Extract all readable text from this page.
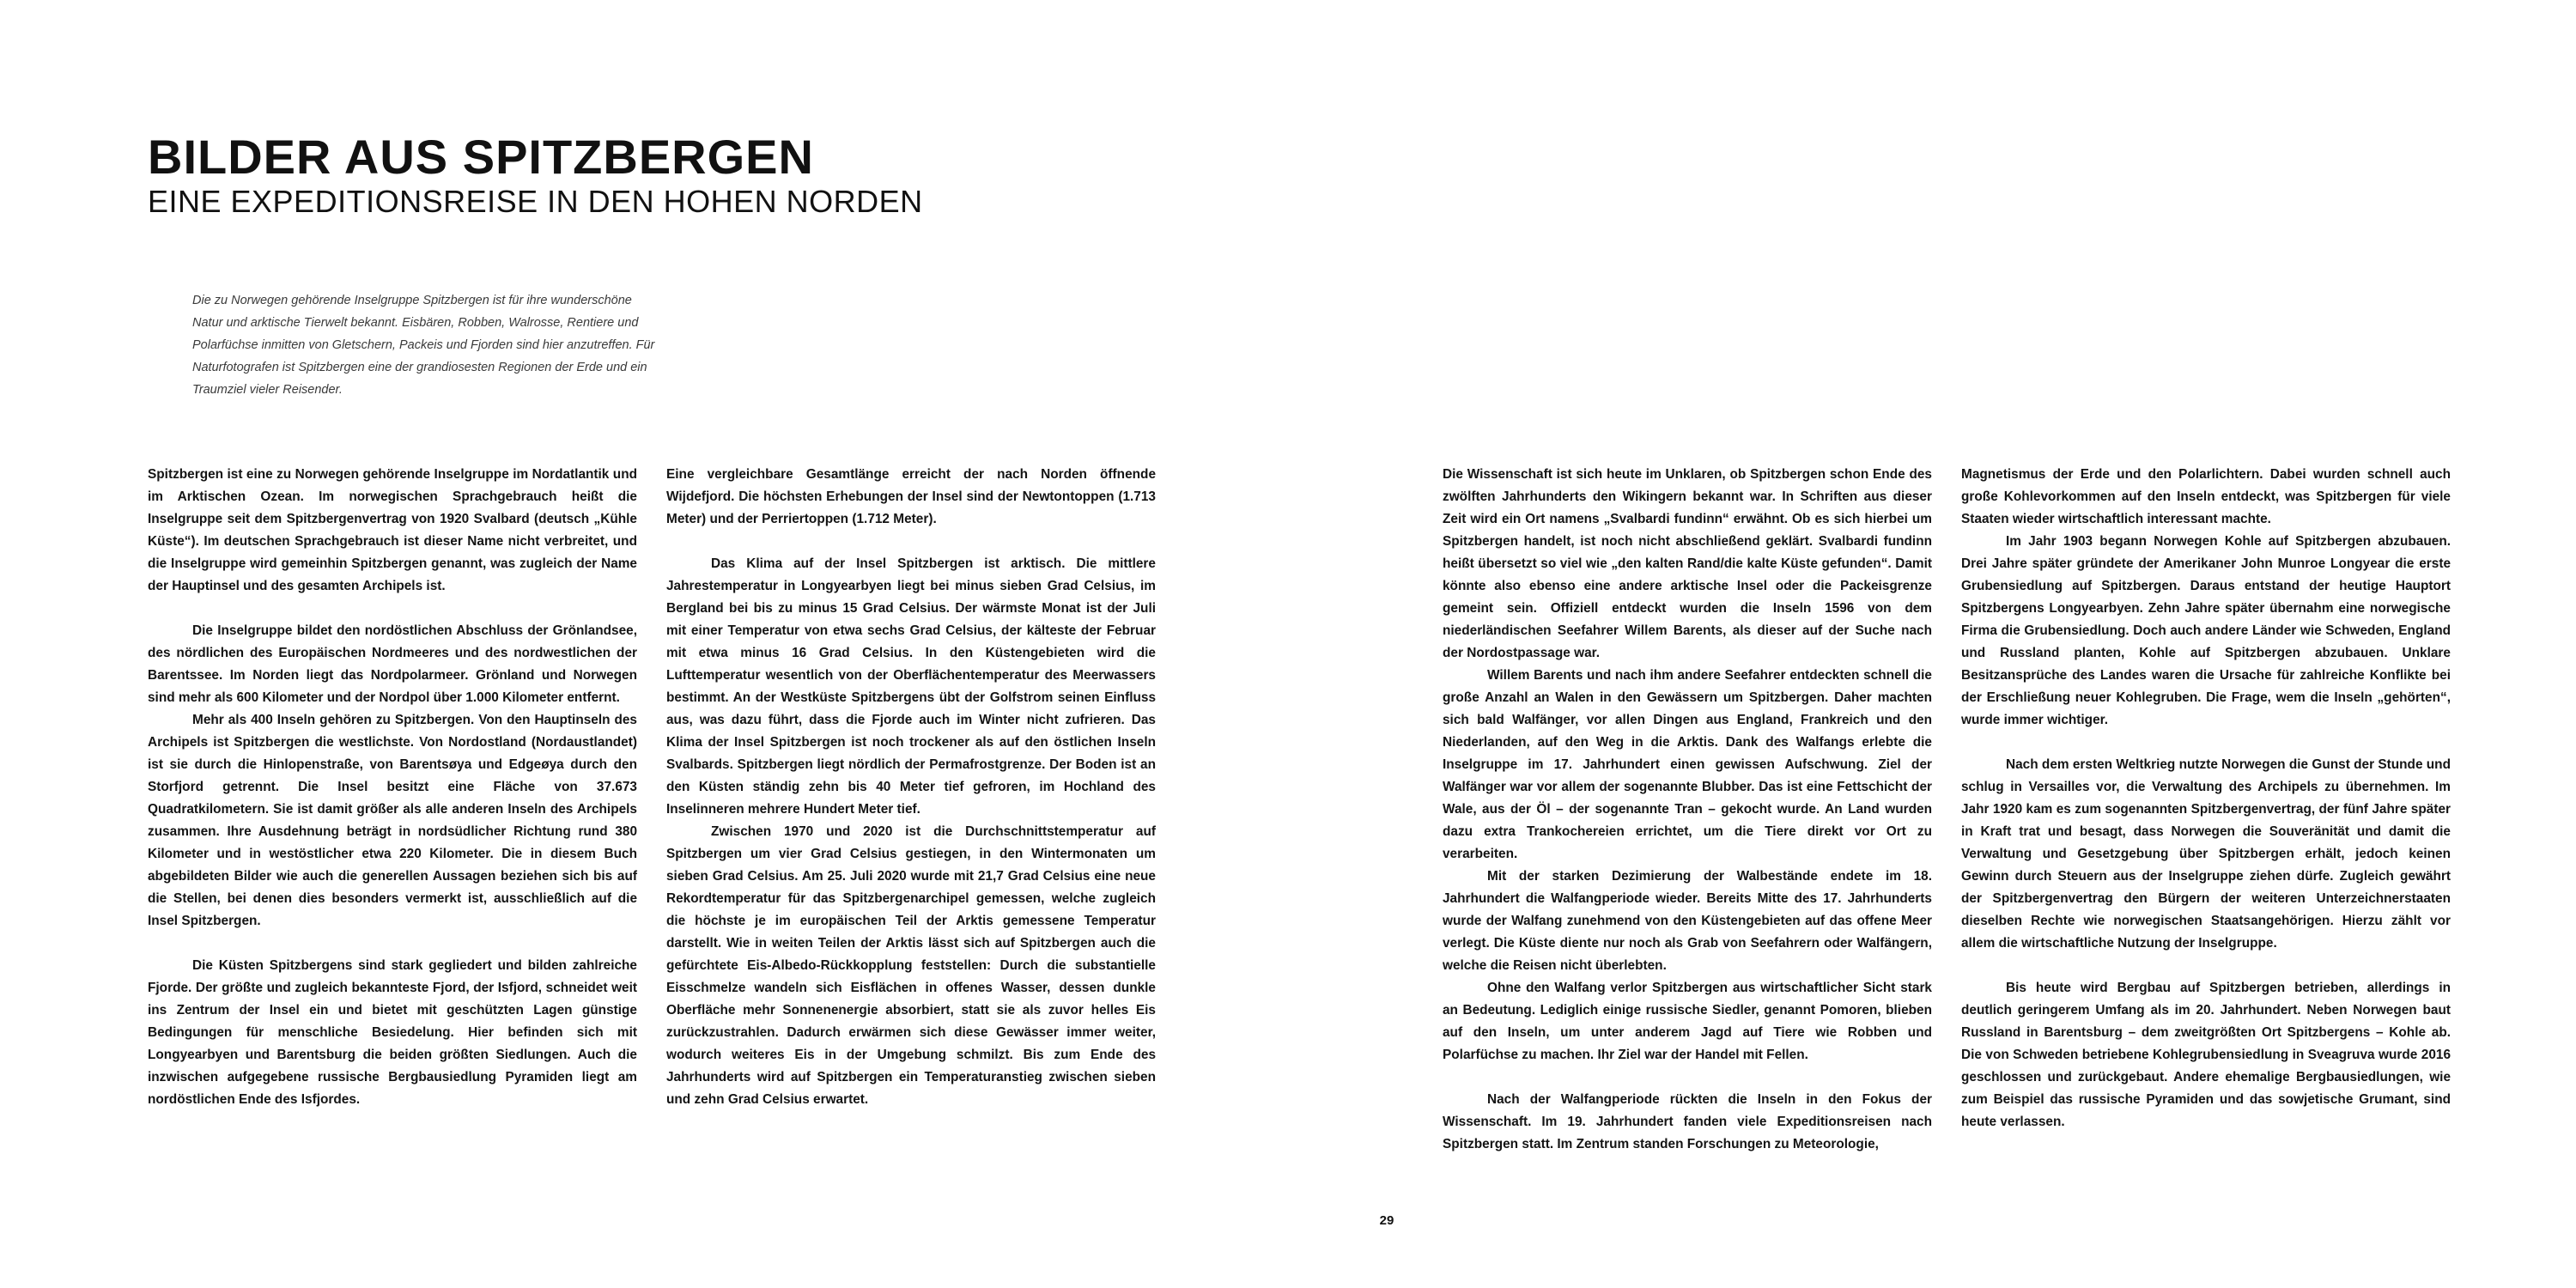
BILDER AUS SPITZBERGEN
EINE EXPEDITIONSREISE IN DEN HOHEN NORDEN
Die zu Norwegen gehörende Inselgruppe Spitzbergen ist für ihre wunderschöne Natur und arktische Tierwelt bekannt. Eisbären, Robben, Walrosse, Rentiere und Polarfüchse inmitten von Gletschern, Packeis und Fjorden sind hier anzutreffen. Für Naturfotografen ist Spitzbergen eine der grandiosesten Regionen der Erde und ein Traumziel vieler Reisender.

Spitzbergen ist eine zu Norwegen gehörende Inselgruppe im Nordatlantik und im Arktischen Ozean. Im norwegischen Sprachgebrauch heißt die Inselgruppe seit dem Spitzbergenvertrag von 1920 Svalbard (deutsch „Kühle Küste“). Im deutschen Sprachgebrauch ist dieser Name nicht verbreitet, und die Inselgruppe wird gemeinhin Spitzbergen genannt, was zugleich der Name der Hauptinsel und des gesamten Archipels ist.

Die Inselgruppe bildet den nordöstlichen Abschluss der Grönlandsee, des nördlichen des Europäischen Nordmeeres und des nordwestlichen der Barentssee. Im Norden liegt das Nordpolarmeer. Grönland und Norwegen sind mehr als 600 Kilometer und der Nordpol über 1.000 Kilometer entfernt.

Mehr als 400 Inseln gehören zu Spitzbergen. Von den Hauptinseln des Archipels ist Spitzbergen die westlichste. Von Nordostland (Nordaustlandet) ist sie durch die Hinlopenstraße, von Barentsøya und Edgeøya durch den Storfjord getrennt. Die Insel besitzt eine Fläche von 37.673 Quadratkilometern. Sie ist damit größer als alle anderen Inseln des Archipels zusammen. Ihre Ausdehnung beträgt in nordsüdlicher Richtung rund 380 Kilometer und in westöstlicher etwa 220 Kilometer. Die in diesem Buch abgebildeten Bilder wie auch die generellen Aussagen beziehen sich bis auf die Stellen, bei denen dies besonders vermerkt ist, ausschließlich auf die Insel Spitzbergen.

Die Küsten Spitzbergens sind stark gegliedert und bilden zahlreiche Fjorde. Der größte und zugleich bekannteste Fjord, der Isfjord, schneidet weit ins Zentrum der Insel ein und bietet mit geschützten Lagen günstige Bedingungen für menschliche Besiedelung. Hier befinden sich mit Longyearbyen und Barentsburg die beiden größten Siedlungen. Auch die inzwischen aufgegebene russische Bergbausiedlung Pyramiden liegt am nordöstlichen Ende des Isfjordes.

Eine vergleichbare Gesamtlänge erreicht der nach Norden öffnende Wijdefjord. Die höchsten Erhebungen der Insel sind der Newtontoppen (1.713 Meter) und der Perriertoppen (1.712 Meter).

Das Klima auf der Insel Spitzbergen ist arktisch. Die mittlere Jahrestemperatur in Longyearbyen liegt bei minus sieben Grad Celsius, im Bergland bei bis zu minus 15 Grad Celsius. Der wärmste Monat ist der Juli mit einer Temperatur von etwa sechs Grad Celsius, der kälteste der Februar mit etwa minus 16 Grad Celsius. In den Küstengebieten wird die Lufttemperatur wesentlich von der Oberflächentemperatur des Meerwassers bestimmt. An der Westküste Spitzbergens übt der Golfstrom seinen Einfluss aus, was dazu führt, dass die Fjorde auch im Winter nicht zufrieren. Das Klima der Insel Spitzbergen ist noch trockener als auf den östlichen Inseln Svalbards. Spitzbergen liegt nördlich der Permafrostgrenze. Der Boden ist an den Küsten ständig zehn bis 40 Meter tief gefroren, im Hochland des Inselinneren mehrere Hundert Meter tief.

Zwischen 1970 und 2020 ist die Durchschnittstemperatur auf Spitzbergen um vier Grad Celsius gestiegen, in den Wintermonaten um sieben Grad Celsius. Am 25. Juli 2020 wurde mit 21,7 Grad Celsius eine neue Rekordtemperatur für das Spitzbergenarchipel gemessen, welche zugleich die höchste je im europäischen Teil der Arktis gemessene Temperatur darstellt. Wie in weiten Teilen der Arktis lässt sich auf Spitzbergen auch die gefürchtete Eis-Albedo-Rückkopplung feststellen: Durch die substantielle Eisschmelze wandeln sich Eisflächen in offenes Wasser, dessen dunkle Oberfläche mehr Sonnenenergie absorbiert, statt sie als zuvor helles Eis zurückzustrahlen. Dadurch erwärmen sich diese Gewässer immer weiter, wodurch weiteres Eis in der Umgebung schmilzt. Bis zum Ende des Jahrhunderts wird auf Spitzbergen ein Temperaturanstieg zwischen sieben und zehn Grad Celsius erwartet.

Die Wissenschaft ist sich heute im Unklaren, ob Spitzbergen schon Ende des zwölften Jahrhunderts den Wikingern bekannt war. In Schriften aus dieser Zeit wird ein Ort namens „Svalbardi fundinn“ erwähnt. Ob es sich hierbei um Spitzbergen handelt, ist noch nicht abschließend geklärt. Svalbardi fundinn heißt übersetzt so viel wie „den kalten Rand/die kalte Küste gefunden“. Damit könnte also ebenso eine andere arktische Insel oder die Packeisgrenze gemeint sein. Offiziell entdeckt wurden die Inseln 1596 von dem niederländischen Seefahrer Willem Barents, als dieser auf der Suche nach der Nordostpassage war.

Willem Barents und nach ihm andere Seefahrer entdeckten schnell die große Anzahl an Walen in den Gewässern um Spitzbergen. Daher machten sich bald Walfänger, vor allen Dingen aus England, Frankreich und den Niederlanden, auf den Weg in die Arktis. Dank des Walfangs erlebte die Inselgruppe im 17. Jahrhundert einen gewissen Aufschwung. Ziel der Walfänger war vor allem der sogenannte Blubber. Das ist eine Fettschicht der Wale, aus der Öl – der sogenannte Tran – gekocht wurde. An Land wurden dazu extra Trankochereien errichtet, um die Tiere direkt vor Ort zu verarbeiten.

Mit der starken Dezimierung der Walbestände endete im 18. Jahrhundert die Walfangperiode wieder. Bereits Mitte des 17. Jahrhunderts wurde der Walfang zunehmend von den Küstengebieten auf das offene Meer verlegt. Die Küste diente nur noch als Grab von Seefahrern oder Walfängern, welche die Reisen nicht überlebten.

Ohne den Walfang verlor Spitzbergen aus wirtschaftlicher Sicht stark an Bedeutung. Lediglich einige russische Siedler, genannt Pomoren, blieben auf den Inseln, um unter anderem Jagd auf Tiere wie Robben und Polarfüchse zu machen. Ihr Ziel war der Handel mit Fellen.

Nach der Walfangperiode rückten die Inseln in den Fokus der Wissenschaft. Im 19. Jahrhundert fanden viele Expeditionsreisen nach Spitzbergen statt. Im Zentrum standen Forschungen zu Meteorologie,

Magnetismus der Erde und den Polarlichtern. Dabei wurden schnell auch große Kohlevorkommen auf den Inseln entdeckt, was Spitzbergen für viele Staaten wieder wirtschaftlich interessant machte.

Im Jahr 1903 begann Norwegen Kohle auf Spitzbergen abzubauen. Drei Jahre später gründete der Amerikaner John Munroe Longyear die erste Grubensiedlung auf Spitzbergen. Daraus entstand der heutige Hauptort Spitzbergens Longyearbyen. Zehn Jahre später übernahm eine norwegische Firma die Grubensiedlung. Doch auch andere Länder wie Schweden, England und Russland planten, Kohle auf Spitzbergen abzubauen. Unklare Besitzansprüche des Landes waren die Ursache für zahlreiche Konflikte bei der Erschließung neuer Kohlegruben. Die Frage, wem die Inseln „gehörten“, wurde immer wichtiger.

Nach dem ersten Weltkrieg nutzte Norwegen die Gunst der Stunde und schlug in Versailles vor, die Verwaltung des Archipels zu übernehmen. Im Jahr 1920 kam es zum sogenannten Spitzbergenvertrag, der fünf Jahre später in Kraft trat und besagt, dass Norwegen die Souveränität und damit die Verwaltung und Gesetzgebung über Spitzbergen erhält, jedoch keinen Gewinn durch Steuern aus der Inselgruppe ziehen dürfe. Zugleich gewährt der Spitzbergenvertrag den Bürgern der weiteren Unterzeichnerstaaten dieselben Rechte wie norwegischen Staatsangehörigen. Hierzu zählt vor allem die wirtschaftliche Nutzung der Inselgruppe.

Bis heute wird Bergbau auf Spitzbergen betrieben, allerdings in deutlich geringerem Umfang als im 20. Jahrhundert. Neben Norwegen baut Russland in Barentsburg – dem zweitgrößten Ort Spitzbergens – Kohle ab. Die von Schweden betriebene Kohlegrubensiedlung in Sveagruva wurde 2016 geschlossen und zurückgebaut. Andere ehemalige Bergbausiedlungen, wie zum Beispiel das russische Pyramiden und das sowjetische Grumant, sind heute verlassen.

29
